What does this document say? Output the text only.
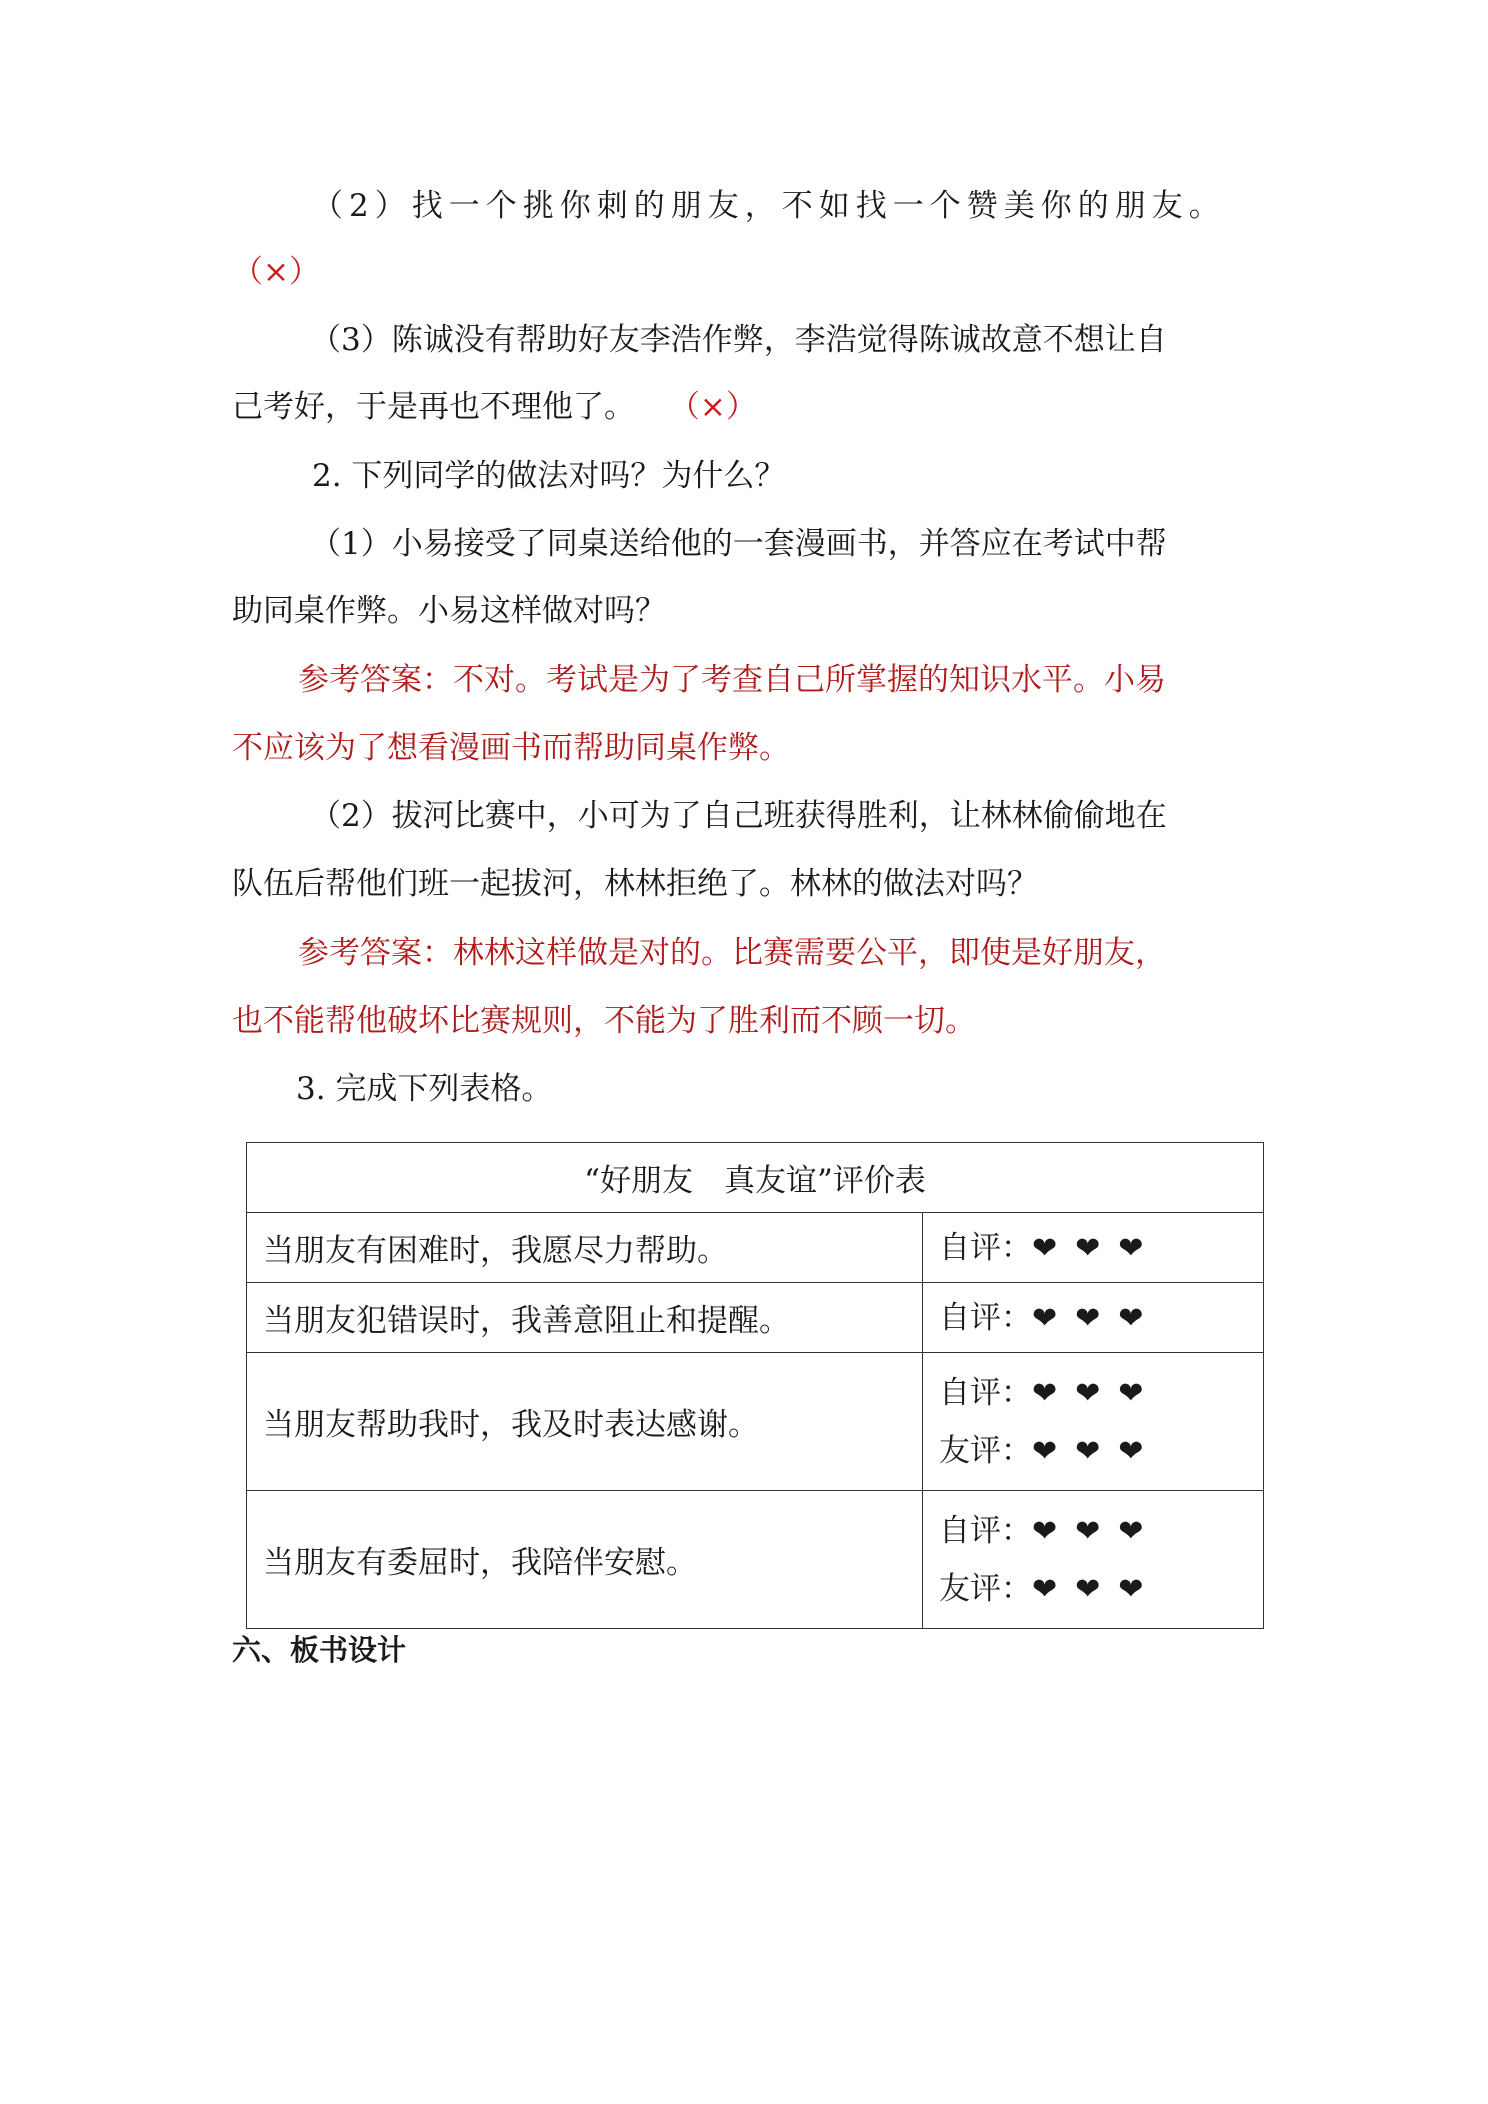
（2）找一个挑你刺的朋友，不如找一个赞美你的朋友。
（×）
（3）陈诚没有帮助好友李浩作弊，李浩觉得陈诚故意不想让自
己考好，于是再也不理他了。 （×）
2. 下列同学的做法对吗？为什么？
（1）小易接受了同桌送给他的一套漫画书，并答应在考试中帮
助同桌作弊。小易这样做对吗？
参考答案：不对。考试是为了考查自己所掌握的知识水平。小易
不应该为了想看漫画书而帮助同桌作弊。
（2）拔河比赛中，小可为了自己班获得胜利，让林林偷偷地在
队伍后帮他们班一起拔河，林林拒绝了。林林的做法对吗？
参考答案：林林这样做是对的。比赛需要公平，即使是好朋友，
也不能帮他破坏比赛规则，不能为了胜利而不顾一切。
3. 完成下列表格。
“好朋友　真友谊”评价表	
当朋友有困难时，我愿尽力帮助。	自评：❤❤❤

当朋友犯错误时，我善意阻止和提醒。	自评：❤❤❤

当朋友帮助我时，我及时表达感谢。	自评：❤❤❤
友评：❤❤❤

当朋友有委屈时，我陪伴安慰。	自评：❤❤❤
友评：❤❤❤
六、板书设计
